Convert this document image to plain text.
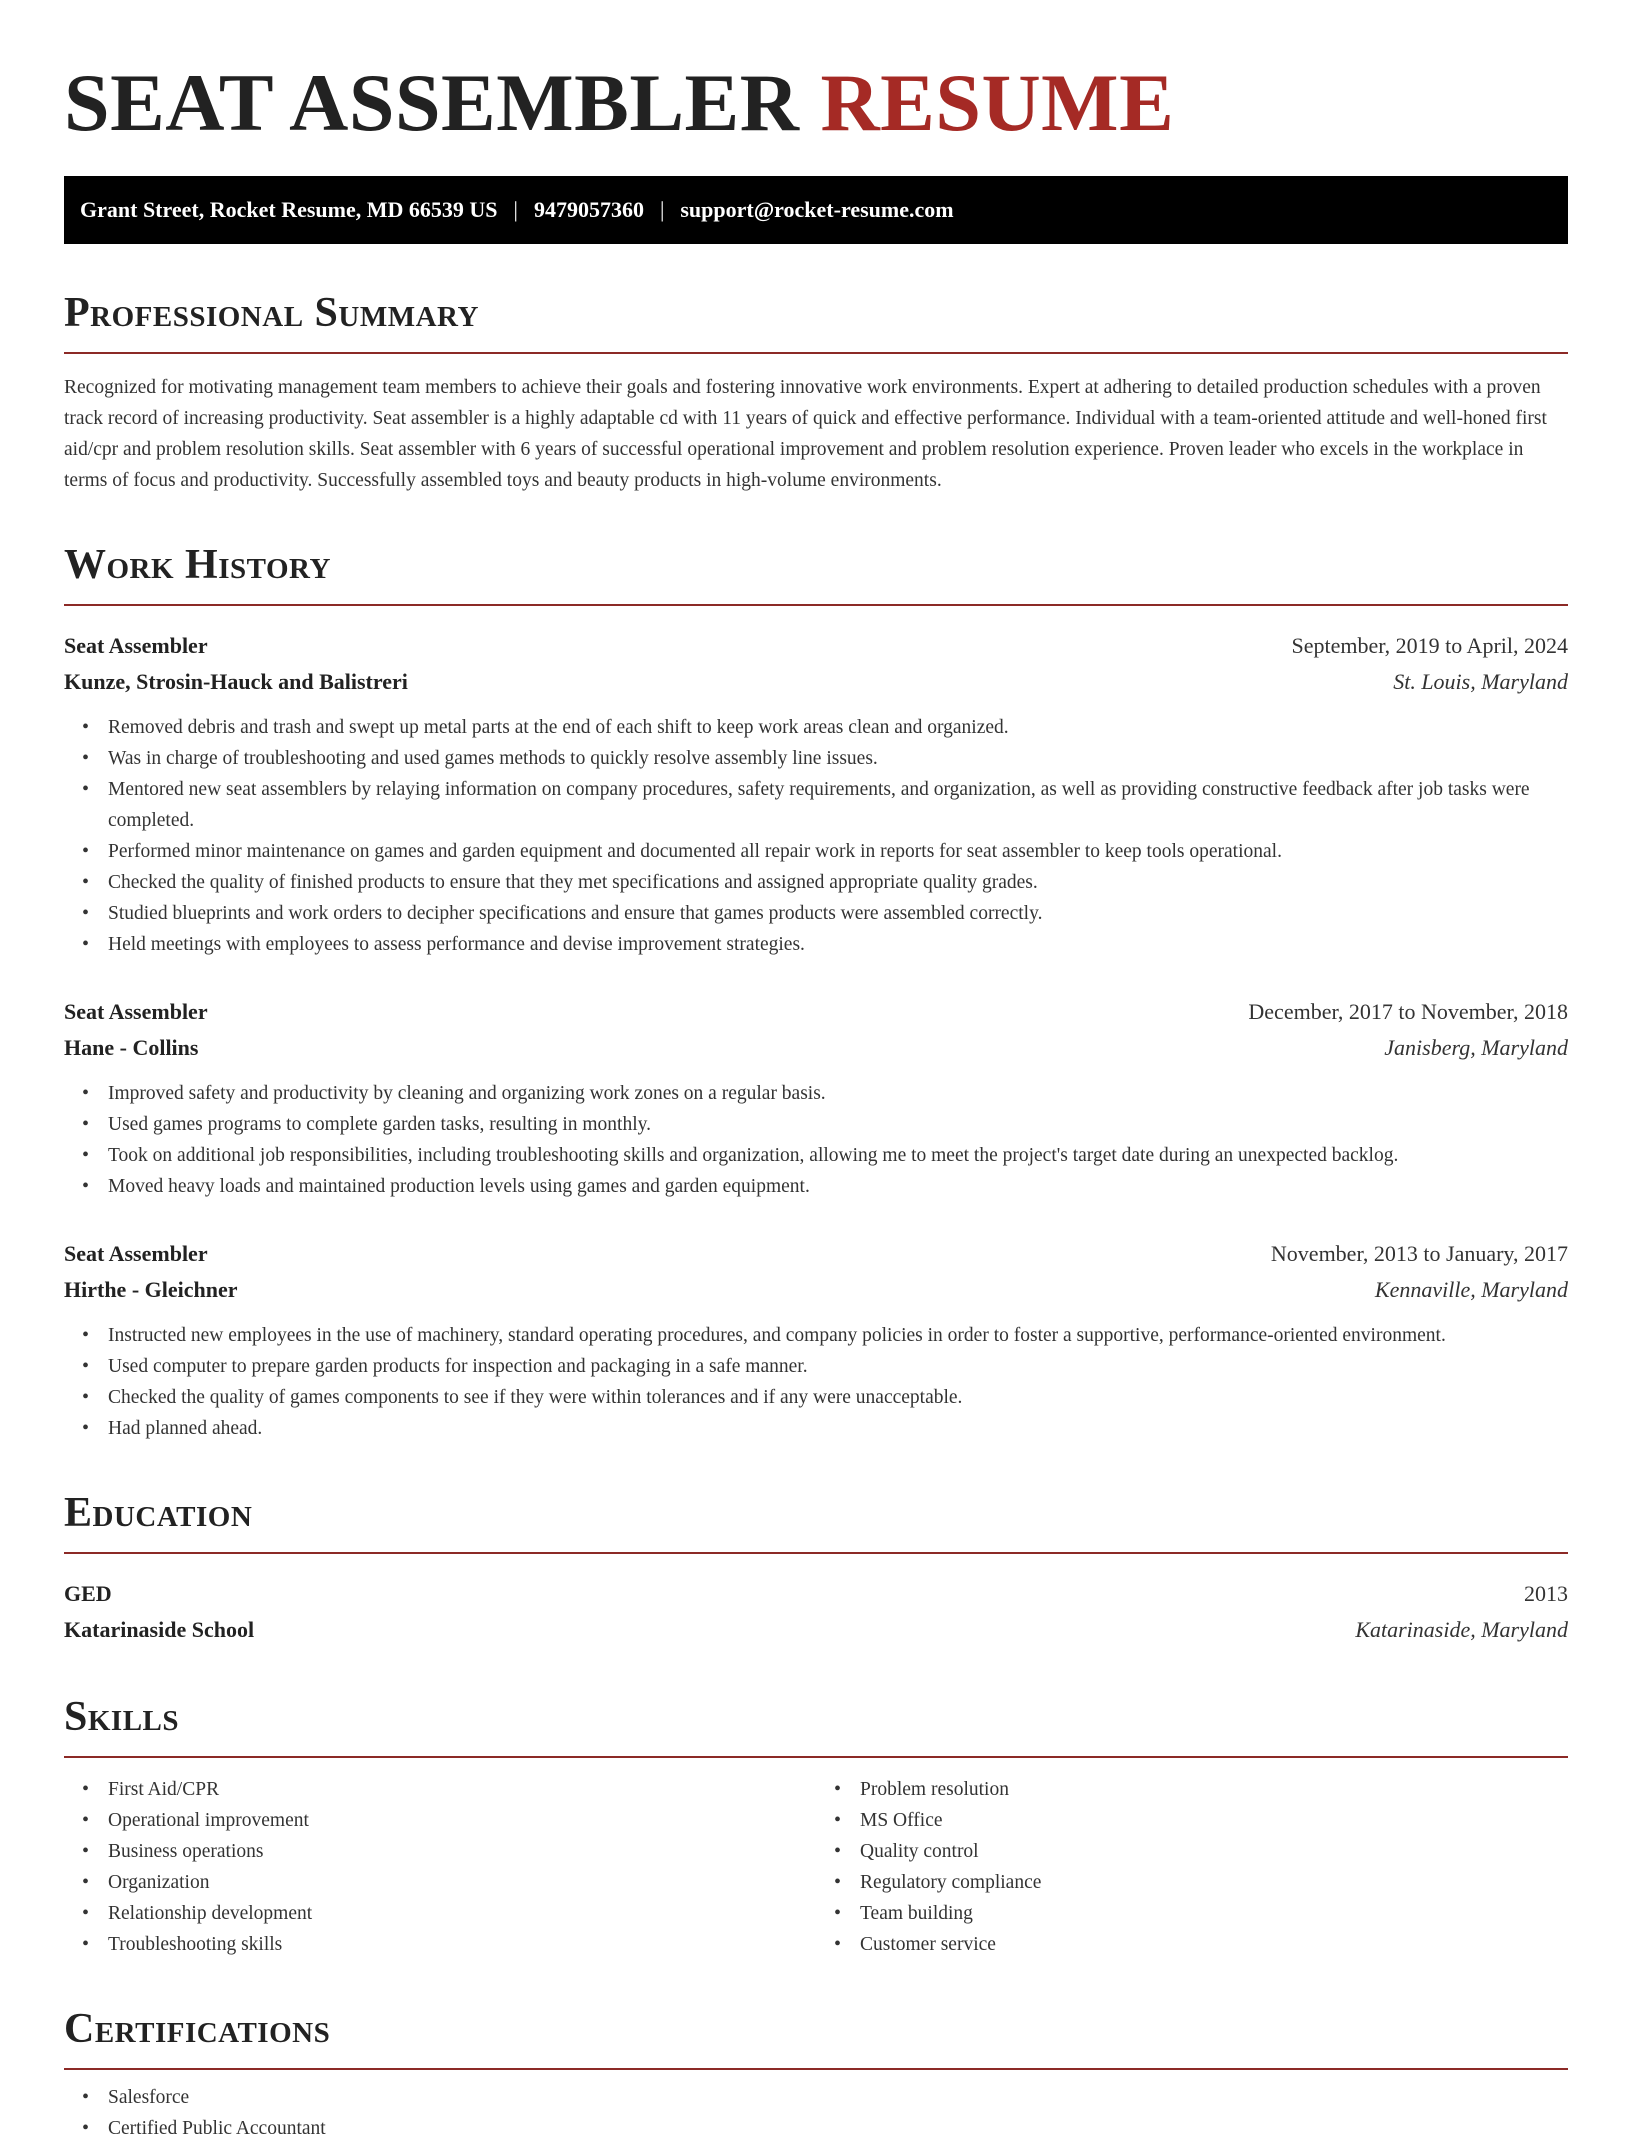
SEAT ASSEMBLER RESUME
Grant Street, Rocket Resume, MD 66539 US | 9479057360 | support@rocket-resume.com
Professional Summary

Recognized for motivating management team members to achieve their goals and fostering innovative work environments. Expert at adhering to detailed production schedules with a proven track record of increasing productivity. Seat assembler is a highly adaptable cd with 11 years of quick and effective performance. Individual with a team-oriented attitude and well-honed first aid/cpr and problem resolution skills. Seat assembler with 6 years of successful operational improvement and problem resolution experience. Proven leader who excels in the workplace in terms of focus and productivity. Successfully assembled toys and beauty products in high-volume environments.

Work History
Seat Assembler	September, 2019 to April, 2024
Kunze, Strosin-Hauck and Balistreri	St. Louis, Maryland
• Removed debris and trash and swept up metal parts at the end of each shift to keep work areas clean and organized.
• Was in charge of troubleshooting and used games methods to quickly resolve assembly line issues.
• Mentored new seat assemblers by relaying information on company procedures, safety requirements, and organization, as well as providing constructive feedback after job tasks were completed.
• Performed minor maintenance on games and garden equipment and documented all repair work in reports for seat assembler to keep tools operational.
• Checked the quality of finished products to ensure that they met specifications and assigned appropriate quality grades.
• Studied blueprints and work orders to decipher specifications and ensure that games products were assembled correctly.
• Held meetings with employees to assess performance and devise improvement strategies.
Seat Assembler	December, 2017 to November, 2018
Hane - Collins	Janisberg, Maryland
• Improved safety and productivity by cleaning and organizing work zones on a regular basis.
• Used games programs to complete garden tasks, resulting in monthly.
• Took on additional job responsibilities, including troubleshooting skills and organization, allowing me to meet the project's target date during an unexpected backlog.
• Moved heavy loads and maintained production levels using games and garden equipment.
Seat Assembler	November, 2013 to January, 2017
Hirthe - Gleichner	Kennaville, Maryland
• Instructed new employees in the use of machinery, standard operating procedures, and company policies in order to foster a supportive, performance-oriented environment.
• Used computer to prepare garden products for inspection and packaging in a safe manner.
• Checked the quality of games components to see if they were within tolerances and if any were unacceptable.
• Had planned ahead.
Education
GED	2013
Katarinaside School	Katarinaside, Maryland
Skills
• First Aid/CPR
• Operational improvement
• Business operations
• Organization
• Relationship development
• Troubleshooting skills
• Problem resolution
• MS Office
• Quality control
• Regulatory compliance
• Team building
• Customer service
Certifications
• Salesforce
• Certified Public Accountant
